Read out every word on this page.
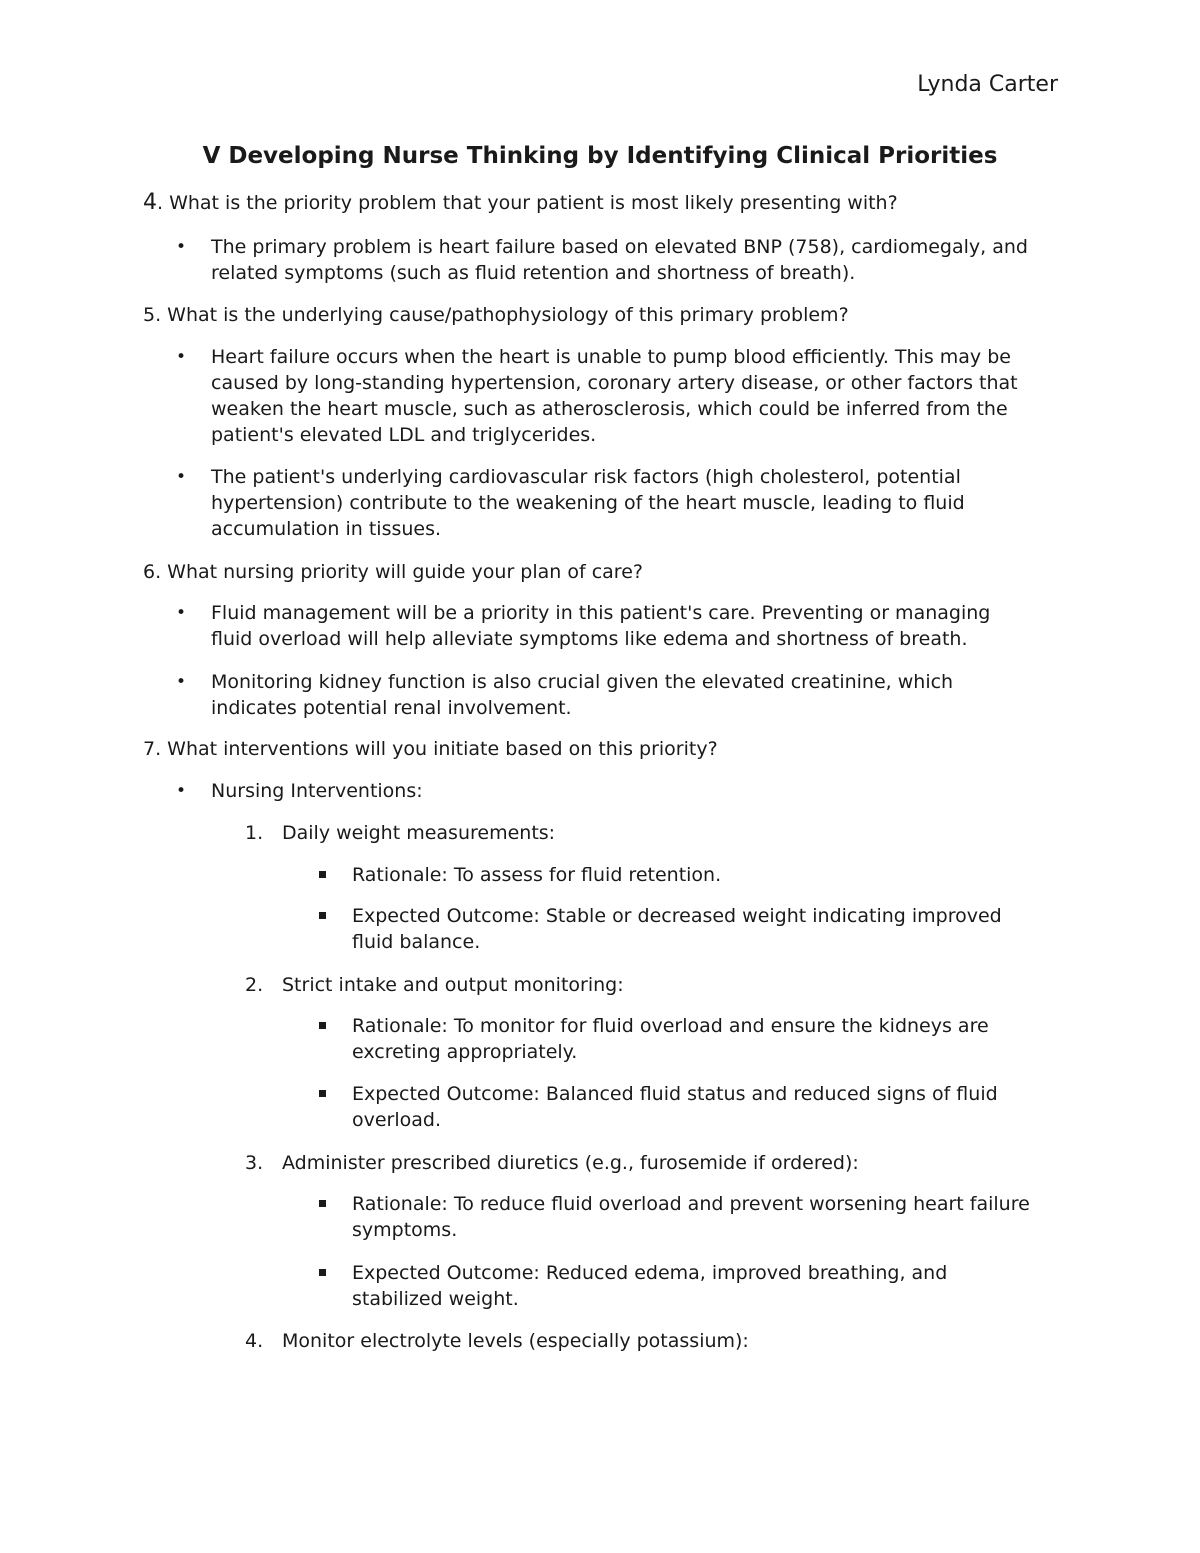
Lynda Carter
V Developing Nurse Thinking by Identifying Clinical Priorities
4. What is the priority problem that your patient is most likely presenting with?
• The primary problem is heart failure based on elevated BNP (758), cardiomegaly, and
related symptoms (such as fluid retention and shortness of breath).
5. What is the underlying cause/pathophysiology of this primary problem?
• Heart failure occurs when the heart is unable to pump blood efficiently. This may be
caused by long-standing hypertension, coronary artery disease, or other factors that
weaken the heart muscle, such as atherosclerosis, which could be inferred from the
patient's elevated LDL and triglycerides.
• The patient's underlying cardiovascular risk factors (high cholesterol, potential
hypertension) contribute to the weakening of the heart muscle, leading to fluid
accumulation in tissues.
6. What nursing priority will guide your plan of care?
• Fluid management will be a priority in this patient's care. Preventing or managing
fluid overload will help alleviate symptoms like edema and shortness of breath.
• Monitoring kidney function is also crucial given the elevated creatinine, which
indicates potential renal involvement.
7. What interventions will you initiate based on this priority?
• Nursing Interventions:
1. Daily weight measurements:
Rationale: To assess for fluid retention.
Expected Outcome: Stable or decreased weight indicating improved
fluid balance.
2. Strict intake and output monitoring:
Rationale: To monitor for fluid overload and ensure the kidneys are
excreting appropriately.
Expected Outcome: Balanced fluid status and reduced signs of fluid
overload.
3. Administer prescribed diuretics (e.g., furosemide if ordered):
Rationale: To reduce fluid overload and prevent worsening heart failure
symptoms.
Expected Outcome: Reduced edema, improved breathing, and
stabilized weight.
4. Monitor electrolyte levels (especially potassium):
